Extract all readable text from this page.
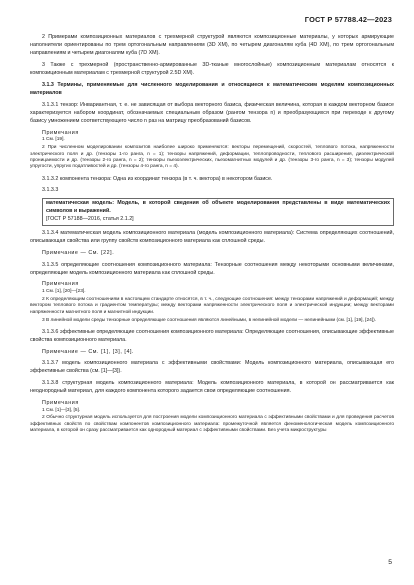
ГОСТ Р 57788.42—2023

2 Примерами композиционных материалов с трехмерной структурой являются композиционные материалы, у которых армирующие наполнители ориентированы по трем ортогональным направлениям (3D ХМ), по четырем диагоналям куба (4D ХМ), по трем ортогональным направлениям и четырем диагоналям куба (7D ХМ).

3 Также с трехмерной (пространственно-армированные 3D-тканые многослойные) композиционным материалам относятся к композиционным материалам с трехмерной структурой 2.5D ХМ).

3.1.3 Термины, применяемые для численного моделирования и относящиеся к математическим моделям композиционных материалов

3.1.3.1 тензор: Инвариантная, т. е. не зависящая от выбора векторного базиса, физическая величина, которая в каждом векторном базисе характеризуется набором координат, обозначаемых специальным образом (рангом тензора n) и преобразующихся при переходе к другому базису умножением соответствующего число n раз на матрицу преобразований базисов.

Примечания

1 См. [19].

2 При численном моделировании композитов наиболее широко применяются: векторы перемещений, скоростей, теплового потока, напряженности электрического поля и др. (тензоры 1-го ранга, n = 1); тензоры напряжений, деформации, теплопроводности, теплового расширения, диэлектрической проницаемости и др. (тензоры 2-го ранга, n = 2); тензоры пьезоэлектрических, пьезомагнитных модулей и др. (тензоры 3-го ранга, n = 3); тензоры модулей упругости, упругих податливостей и др. (тензоры 4-го ранга, n = 4).

3.1.3.2 компонента тензора: Одна из координат тензора (в т. ч. вектора) в некотором базисе.

3.1.3.3

математическая модель: Модель, в которой сведения об объекте моделирования представлены в виде математических символов и выражений.

[ГОСТ Р 57188—2016, статья 2.1.2]

3.1.3.4 математическая модель композиционного материала (модель композиционного материала): Система определяющих соотношений, описывающая свойства или группу свойств композиционного материала как сплошной среды.

Примечание — См. [22].

3.1.3.5 определяющие соотношения композиционного материала: Тензорные соотношения между некоторыми основными величинами, определяющие модель композиционного материала как сплошной среды.

Примечания

1 См. [1], [20]—[23].

2 К определяющим соотношениям в настоящем стандарте относятся, в т. ч., следующие соотношения: между тензорами напряжений и деформаций; между вектором теплового потока и градиентом температуры; между векторами напряженности электрического поля и электрической индукции; между векторами напряженности магнитного поля и магнитной индукции.

3 В линейной модели среды тензорные определяющие соотношения являются линейными, в нелинейной модели — нелинейными (см. [1], [19], [24]).

3.1.3.6 эффективные определяющие соотношения композиционного материала: Определяющие соотношения, описывающие эффективные свойства композиционного материала.

Примечание — См. [1], [3], [4].

3.1.3.7 модель композиционного материала с эффективными свойствами: Модель композиционного материала, описывающая его эффективные свойства (см. [1]—[3]).

3.1.3.8 структурная модель композиционного материала: Модель композиционного материала, в которой он рассматривается как неоднородный материал, для каждого компонента которого задается свои определяющие соотношения.

Примечания

1 См. [1]—[3], [5].

2 Обычно структурная модель используется для построения модели композиционного материала с эффективными свойствами и для проведения расчетов эффективных свойств по свойствам компонентов композиционного материала: промежуточной является феноменологическая модель композиционного материала, в которой он сразу рассматривается как однородный материал с эффективными свойствами. Без учета микроструктуры

5
